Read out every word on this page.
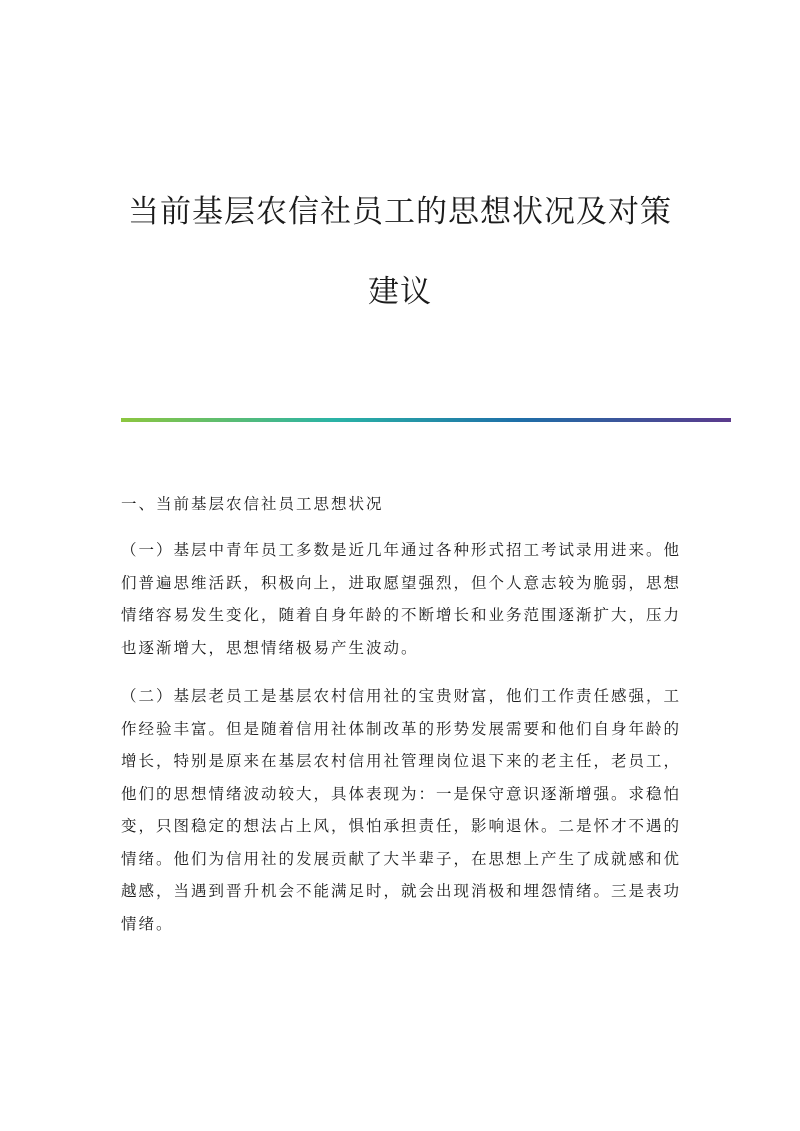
当前基层农信社员工的思想状况及对策
建议
一、当前基层农信社员工思想状况

（一）基层中青年员工多数是近几年通过各种形式招工考试录用进来。他们普遍思维活跃，积极向上，进取愿望强烈，但个人意志较为脆弱，思想情绪容易发生变化，随着自身年龄的不断增长和业务范围逐渐扩大，压力也逐渐增大，思想情绪极易产生波动。

（二）基层老员工是基层农村信用社的宝贵财富，他们工作责任感强，工作经验丰富。但是随着信用社体制改革的形势发展需要和他们自身年龄的增长，特别是原来在基层农村信用社管理岗位退下来的老主任，老员工，他们的思想情绪波动较大，具体表现为：一是保守意识逐渐增强。求稳怕变，只图稳定的想法占上风，惧怕承担责任，影响退休。二是怀才不遇的情绪。他们为信用社的发展贡献了大半辈子，在思想上产生了成就感和优越感，当遇到晋升机会不能满足时，就会出现消极和埋怨情绪。三是表功情绪。
